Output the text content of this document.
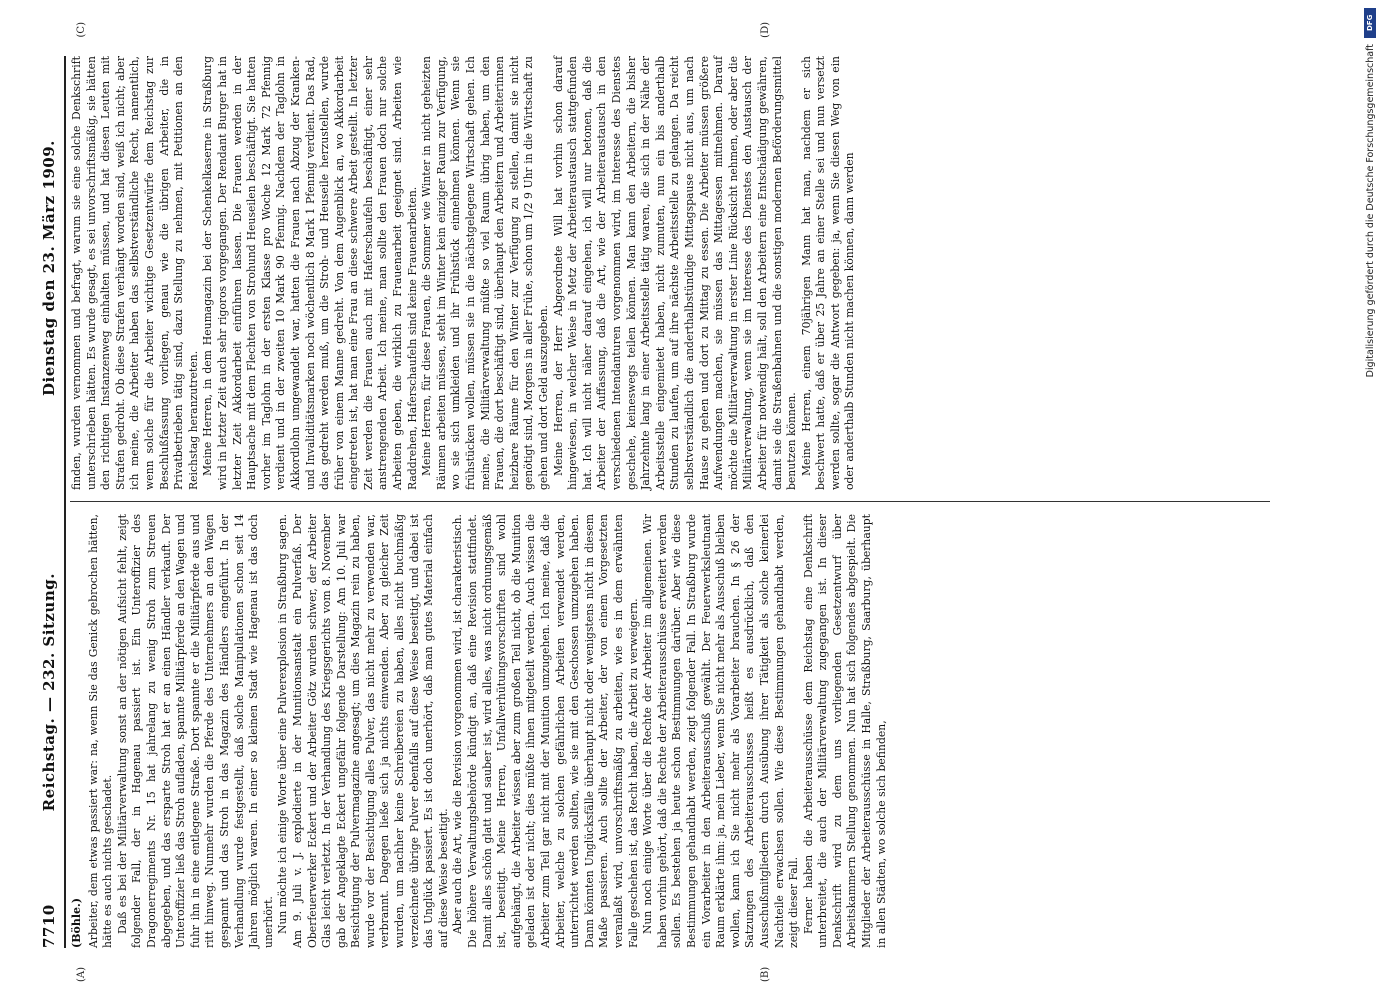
7710
Reichstag. — 232. Sitzung.
Dienstag den 23. März 1909.
(Böhle.) Arbeiter, dem etwas passiert war: na, wenn Sie das Genick gebrochen hätten, hätte es auch nichts geschadet. Daß es bei der Militärverwaltung sonst an der nötigen Aufsicht fehlt, zeigt folgender Fall, der in Hagenau passiert ist. Ein Unteroffizier des Dragonerregiments Nr. 15 hat jahrelang zu wenig Stroh zum Streuen abgegeben, und das ersparte Stroh hat er an einen Händler verkauft. Der Unteroffizier ließ das Stroh aufladen, spannte Militärpferde an den Wagen und fuhr ihn in eine entlegene Straße. Dort spannte er die Militärpferde aus und ritt hinweg. Nunmehr wurden die Pferde des Unternehmers an den Wagen gespannt und das Stroh in das Magazin des Händlers eingeführt. In der Verhandlung wurde festgestellt, daß solche Manipulationen schon seit 14 Jahren möglich waren. In einer so kleinen Stadt wie Hagenau ist das doch unerhört. Nun möchte ich einige Worte über eine Pulverexplosion in Straßburg sagen. Am 9. Juli v. J. explodierte in der Munitionsanstalt ein Pulverfaß. Der Oberfeuerwerker Eckert und der Arbeiter Götz wurden schwer, der Arbeiter Glas leicht verletzt. In der Verhandlung des Kriegsgerichts vom 8. November gab der Angeklagte Eckert ungefähr folgende Darstellung: Am 10. Juli war Besichtigung der Pulvermagazine angesagt; um dies Magazin rein zu haben, wurde vor der Besichtigung alles Pulver, das nicht mehr zu verwenden war, verbrannt. Dagegen ließe sich ja nichts einwenden. Aber zu gleicher Zeit wurden, um nachher keine Schreibereien zu haben, alles nicht buchmäßig verzeichnete übrige Pulver ebenfalls auf diese Weise beseitigt, und dabei ist das Unglück passiert. Es ist doch unerhört, daß man gutes Material einfach auf diese Weise beseitigt. Aber auch die Art, wie die Revision vorgenommen wird, ist charakteristisch. Die höhere Verwaltungsbehörde kündigt an, daß eine Revision stattfindet. Damit alles schön glatt und sauber ist, wird alles, was nicht ordnungsgemäß ist, beseitigt. Meine Herren, Unfallverhütungsvorschriften sind wohl aufgehängt, die Arbeiter wissen aber zum großen Teil nicht, ob die Munition geladen ist oder nicht; dies müßte ihnen mitgeteilt werden. Auch wissen die Arbeiter zum Teil gar nicht mit der Munition umzugehen. Ich meine, daß die Arbeiter, welche zu solchen gefährlichen Arbeiten verwendet werden, unterrichtet werden sollten, wie sie mit den Geschossen umzugehen haben. Dann könnten Unglücksfälle überhaupt nicht oder wenigstens nicht in diesem Maße passieren. Auch sollte der Arbeiter, der von einem Vorgesetzten veranlaßt wird, unvorschriftsmäßig zu arbeiten, wie es in dem erwähnten Falle geschehen ist, das Recht haben, die Arbeit zu verweigern. Nun noch einige Worte über die Rechte der Arbeiter im allgemeinen. Wir haben vorhin gehört, daß die Rechte der Arbeiterausschüsse erweitert werden sollen. Es bestehen ja heute schon Bestimmungen darüber. Aber wie diese Bestimmungen gehandhabt werden, zeigt folgender Fall. In Straßburg wurde ein Vorarbeiter in den Arbeiterausschuß gewählt. Der Feuerwerksleutnant Raum erklärte ihm: ja, mein Lieber, wenn Sie nicht mehr als Ausschuß bleiben wollen, kann ich Sie nicht mehr als Vorarbeiter brauchen. In § 26 der Satzungen des Arbeiterausschusses heißt es ausdrücklich, daß den Ausschußmitgliedern durch Ausübung ihrer Tätigkeit als solche keinerlei Nachteile erwachsen sollen. Wie diese Bestimmungen gehandhabt werden, zeigt dieser Fall. Ferner haben die Arbeiterausschüsse dem Reichstag eine Denkschrift unterbreitet, die auch der Militärverwaltung zugegangen ist. In dieser Denkschrift wird zu dem uns vorliegenden Gesetzentwurf über Arbeitskammern Stellung genommen. Nun hat sich folgendes abgespielt. Die Mitglieder der Arbeiterausschüsse in Halle, Straßburg, Saarburg, überhaupt in allen Städten, wo solche sich befinden,

finden, wurden vernommen und befragt, warum sie eine solche Denkschrift unterschrieben hätten. Es wurde gesagt, es sei unvorschriftsmäßig, sie hätten den richtigen Instanzenweg einhalten müssen, und hat diesen Leuten mit Strafen gedroht. Ob diese Strafen verhängt worden sind, weiß ich nicht; aber ich meine, die Arbeiter haben das selbstverständliche Recht, namentlich, wenn solche für die Arbeiter wichtige Gesetzentwürfe dem Reichstag zur Beschlußfassung vorliegen, genau wie die übrigen Arbeiter, die in Privatbetrieben tätig sind, dazu Stellung zu nehmen, mit Petitionen an den Reichstag heranzutreten. Meine Herren, in dem Heumagazin bei der Schenkelkaserne in Straßburg wird in letzter Zeit auch sehr rigoros vorgegangen. Der Rendant Burger hat in letzter Zeit Akkordarbeit einführen lassen. Die Frauen werden in der Hauptsache mit dem Flechten von Strohund Heuseilen beschäftigt. Sie hatten vorher im Taglohn in der ersten Klasse pro Woche 12 Mark 72 Pfennig verdient und in der zweiten 10 Mark 90 Pfennig. Nachdem der Taglohn in Akkordlohn umgewandelt war, hatten die Frauen nach Abzug der Kranken- und Invaliditätsmarken noch wöchentlich 8 Mark 1 Pfennig verdient. Das Rad, das gedreht werden muß, um die Stroh- und Heuseile herzustellen, wurde früher von einem Manne gedreht. Von dem Augenblick an, wo Akkordarbeit eingetreten ist, hat man eine Frau an diese schwere Arbeit gestellt. In letzter Zeit werden die Frauen auch mit Haferschaufeln beschäftigt, einer sehr anstrengenden Arbeit. Ich meine, man sollte den Frauen doch nur solche Arbeiten geben, die wirklich zu Frauenarbeit geeignet sind. Arbeiten wie Raddrehen, Haferschaufeln sind keine Frauenarbeiten. Meine Herren, für diese Frauen, die Sommer wie Winter in nicht geheizten Räumen arbeiten müssen, steht im Winter kein einziger Raum zur Verfügung, wo sie sich umkleiden und ihr Frühstück einnehmen können. Wenn sie frühstücken wollen, müssen sie in die nächstgelegene Wirtschaft gehen. Ich meine, die Militärverwaltung müßte so viel Raum übrig haben, um den Frauen, die dort beschäftigt sind, überhaupt den Arbeitern und Arbeiterinnen heizbare Räume für den Winter zur Verfügung zu stellen, damit sie nicht genötigt sind, Morgens in aller Frühe, schon um 1/2 9 Uhr in die Wirtschaft zu gehen und dort Geld auszugeben. Meine Herren, der Herr Abgeordnete Will hat vorhin schon darauf hingewiesen, in welcher Weise in Metz der Arbeiteraustausch stattgefunden hat. Ich will nicht näher darauf eingehen, ich will nur betonen, daß die Arbeiter der Auffassung, daß die Art, wie der Arbeiteraustausch in den verschiedenen Intendanturen vorgenommen wird, im Interesse des Dienstes geschehe, keineswegs teilen können. Man kann den Arbeitern, die bisher Jahrzehnte lang in einer Arbeitsstelle tätig waren, die sich in der Nähe der Arbeitsstelle eingemietet haben, nicht zumuten, nun ein bis anderthalb Stunden zu laufen, um auf ihre nächste Arbeitsstelle zu gelangen. Da reicht selbstverständlich die anderthalbstündige Mittagspause nicht aus, um nach Hause zu gehen und dort zu Mittag zu essen. Die Arbeiter müssen größere Aufwendungen machen, sie müssen das Mittagessen mitnehmen. Darauf möchte die Militärverwaltung in erster Linie Rücksicht nehmen, oder aber die Militärverwaltung, wenn sie im Interesse des Dienstes den Austausch der Arbeiter für notwendig hält, soll den Arbeitern eine Entschädigung gewähren, damit sie die Straßenbahnen und die sonstigen modernen Beförderungsmittel benutzen können. Meine Herren, einem 70jährigen Mann hat man, nachdem er sich beschwert hatte, daß er über 25 Jahre an einer Stelle sei und nun versetzt werden sollte, sogar die Antwort gegeben: ja, wenn Sie diesen Weg von ein oder anderthalb Stunden nicht machen können, dann werden

(A)	(B)
(C)	(D)	DFG
Digitalisierung gefördert durch die Deutsche Forschungsgemeinschaft
